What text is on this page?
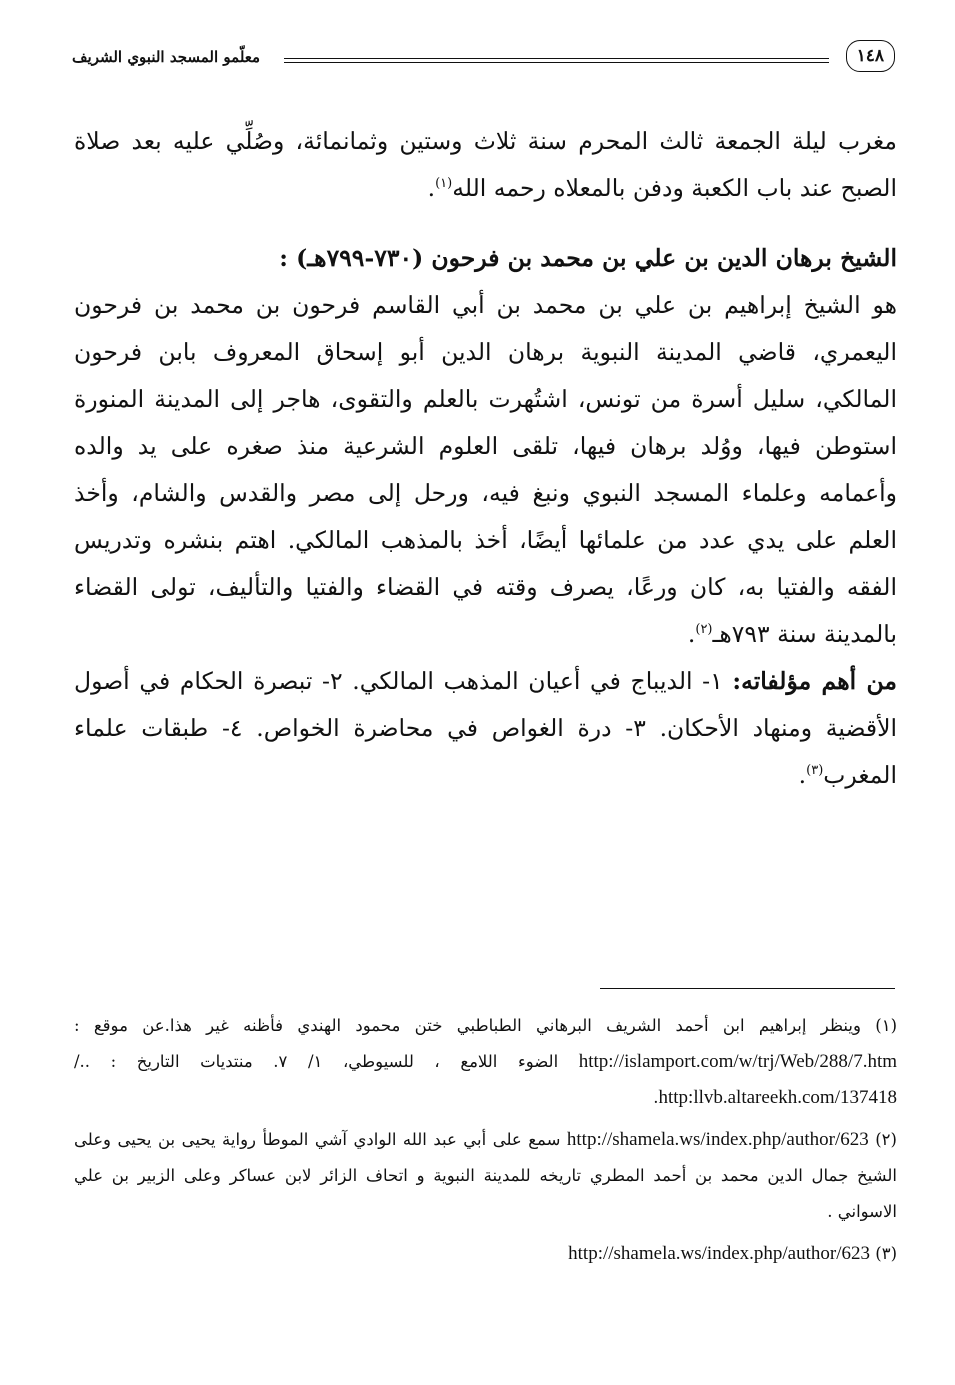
١٤٨
معلّمو المسجد النبوي الشريف

مغرب ليلة الجمعة ثالث المحرم سنة ثلاث وستين وثمانمائة، وصُلِّي عليه بعد صلاة الصبح عند باب الكعبة ودفن بالمعلاه رحمه الله$^{(١)}$.

الشيخ برهان الدين بن علي بن محمد بن فرحون (٧٣٠-٧٩٩هـ) :

هو الشيخ إبراهيم بن علي بن محمد بن أبي القاسم فرحون بن محمد بن فرحون اليعمري، قاضي المدينة النبوية برهان الدين أبو إسحاق المعروف بابن فرحون المالكي، سليل أسرة من تونس، اشتُهرت بالعلم والتقوى، هاجر إلى المدينة المنورة استوطن فيها، ووُلد برهان فيها، تلقى العلوم الشرعية منذ صغره على يد والده وأعمامه وعلماء المسجد النبوي ونبغ فيه، ورحل إلى مصر والقدس والشام، وأخذ العلم على يدي عدد من علمائها أيضًا، أخذ بالمذهب المالكي. اهتم بنشره وتدريس الفقه والفتيا به، كان ورعًا، يصرف وقته في القضاء والفتيا والتأليف، تولى القضاء بالمدينة سنة ٧٩٣هـ$^{(٢)}$.

من أهم مؤلفاته: ١- الديباج في أعيان المذهب المالكي. ٢- تبصرة الحكام في أصول الأقضية ومنهاد الأحكان. ٣- درة الغواص في محاضرة الخواص. ٤- طبقات علماء المغرب$^{(٣)}$.

(١) وينظر إبراهيم ابن أحمد الشريف البرهاني الطباطبي ختن محمود الهندي فأظنه غير هذا.عن موقع : http://islamport.com/w/trj/Web/288/7.htm الضوء اللامع ، للسيوطي، ١/ ٧. منتديات التاريخ : ../ http:llvb.altareekh.com/137418.

(٢) http://shamela.ws/index.php/author/623 سمع على أبي عبد الله الوادي آشي الموطأ رواية يحيى بن يحيى وعلى الشيخ جمال الدين محمد بن أحمد المطري تاريخه للمدينة النبوية و اتحاف الزائر لابن عساكر وعلى الزبير بن علي الاسواني .

(٣) http://shamela.ws/index.php/author/623
